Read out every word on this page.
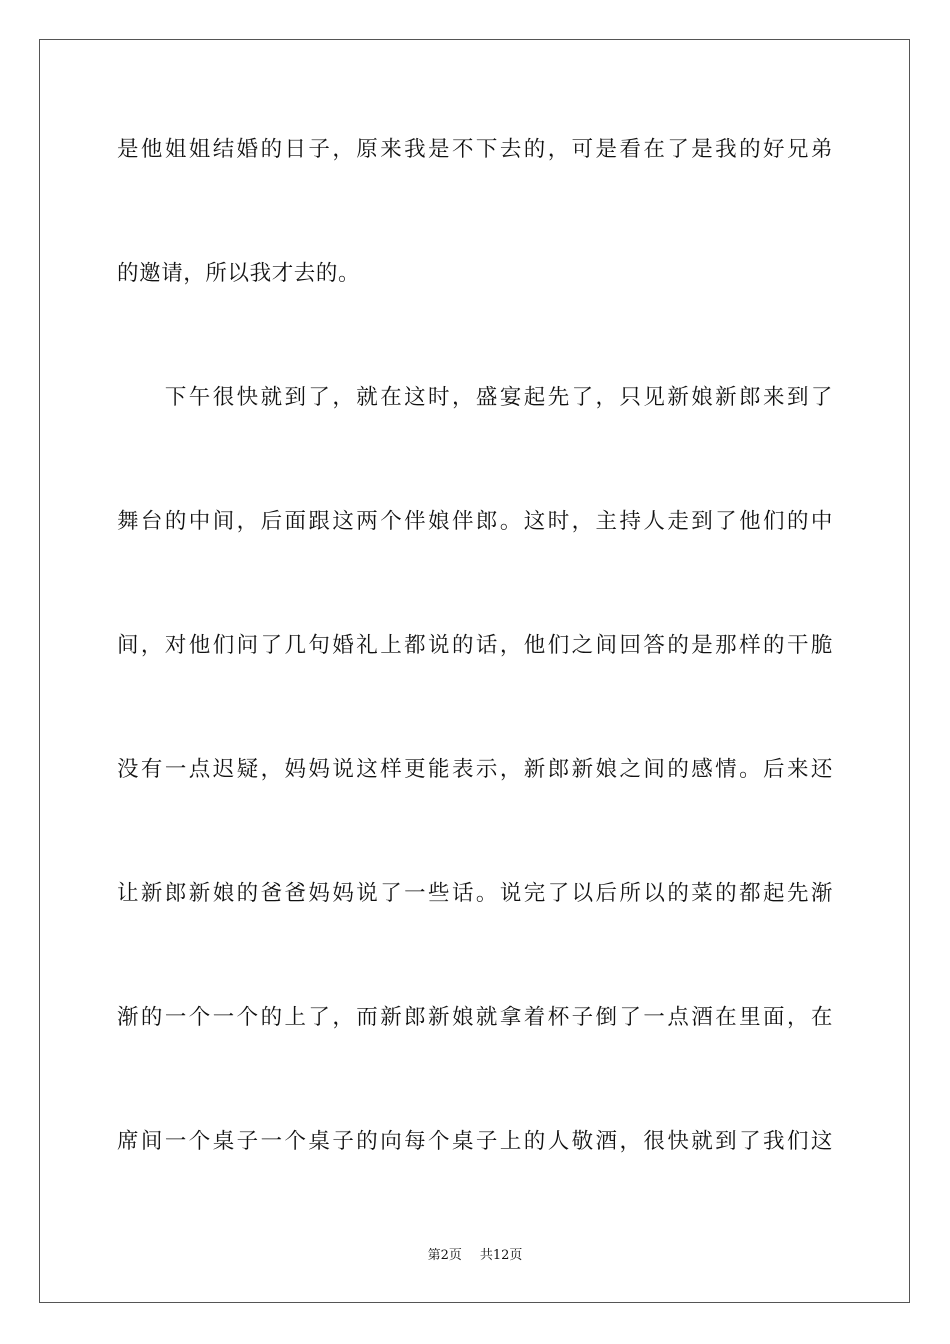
是他姐姐结婚的日子，原来我是不下去的，可是看在了是我的好兄弟
的邀请，所以我才去的。
　　下午很快就到了，就在这时，盛宴起先了，只见新娘新郎来到了
舞台的中间，后面跟这两个伴娘伴郎。这时，主持人走到了他们的中
间，对他们问了几句婚礼上都说的话，他们之间回答的是那样的干脆
没有一点迟疑，妈妈说这样更能表示，新郎新娘之间的感情。后来还
让新郎新娘的爸爸妈妈说了一些话。说完了以后所以的菜的都起先渐
渐的一个一个的上了，而新郎新娘就拿着杯子倒了一点酒在里面，在
席间一个桌子一个桌子的向每个桌子上的人敬酒，很快就到了我们这
第2页 共12页
